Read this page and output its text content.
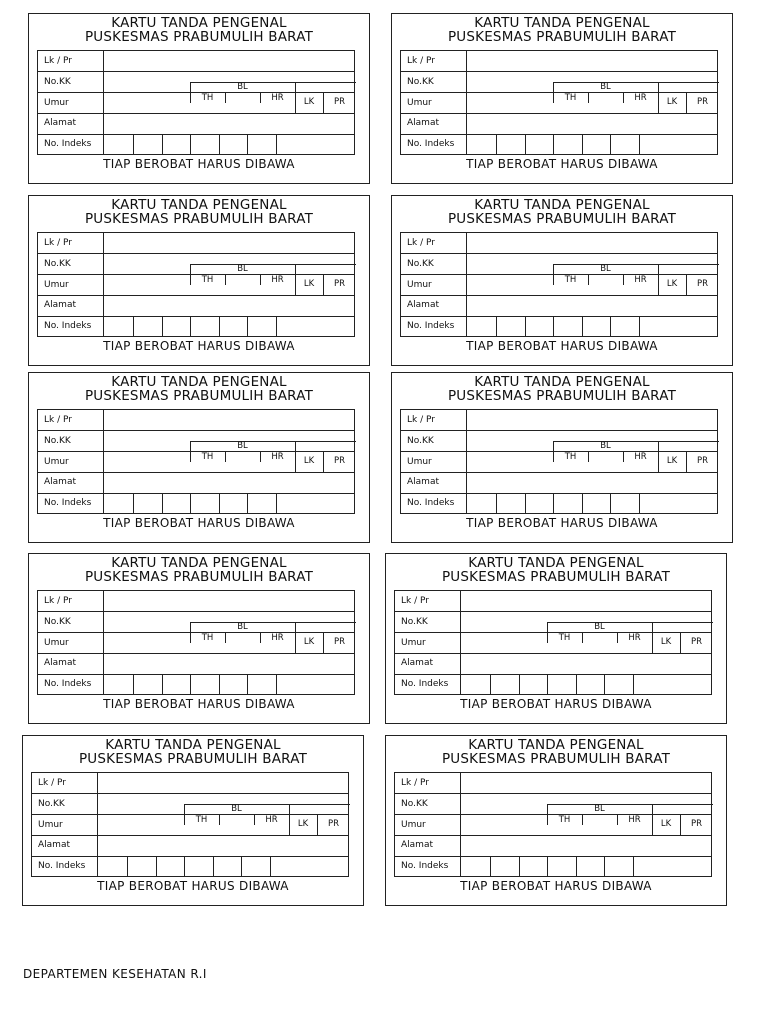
KARTU TANDA PENGENAL
PUSKESMAS PRABUMULIH BARAT
Lk / Pr
No.KK
Umur
Alamat
No. Indeks
BL
TH	HR	LK	PR
TIAP BEROBAT HARUS DIBAWA
KARTU TANDA PENGENAL
PUSKESMAS PRABUMULIH BARAT
Lk / Pr
No.KK
Umur
Alamat
No. Indeks
BL
TH	HR	LK	PR
TIAP BEROBAT HARUS DIBAWA
KARTU TANDA PENGENAL
PUSKESMAS PRABUMULIH BARAT
Lk / Pr
No.KK
Umur
Alamat
No. Indeks
BL
TH	HR	LK	PR
TIAP BEROBAT HARUS DIBAWA
KARTU TANDA PENGENAL
PUSKESMAS PRABUMULIH BARAT
Lk / Pr
No.KK
Umur
Alamat
No. Indeks
BL
TH	HR	LK	PR
TIAP BEROBAT HARUS DIBAWA
KARTU TANDA PENGENAL
PUSKESMAS PRABUMULIH BARAT
Lk / Pr
No.KK
Umur
Alamat
No. Indeks
BL
TH	HR	LK	PR
TIAP BEROBAT HARUS DIBAWA
KARTU TANDA PENGENAL
PUSKESMAS PRABUMULIH BARAT
Lk / Pr
No.KK
Umur
Alamat
No. Indeks
BL
TH	HR	LK	PR
TIAP BEROBAT HARUS DIBAWA
KARTU TANDA PENGENAL
PUSKESMAS PRABUMULIH BARAT
Lk / Pr
No.KK
Umur
Alamat
No. Indeks
BL
TH	HR	LK	PR
TIAP BEROBAT HARUS DIBAWA
KARTU TANDA PENGENAL
PUSKESMAS PRABUMULIH BARAT
Lk / Pr
No.KK
Umur
Alamat
No. Indeks
BL
TH	HR	LK	PR
TIAP BEROBAT HARUS DIBAWA
KARTU TANDA PENGENAL
PUSKESMAS PRABUMULIH BARAT
Lk / Pr
No.KK
Umur
Alamat
No. Indeks
BL
TH	HR	LK	PR
TIAP BEROBAT HARUS DIBAWA
KARTU TANDA PENGENAL
PUSKESMAS PRABUMULIH BARAT
Lk / Pr
No.KK
Umur
Alamat
No. Indeks
BL
TH	HR	LK	PR
TIAP BEROBAT HARUS DIBAWA
DEPARTEMEN KESEHATAN R.I
